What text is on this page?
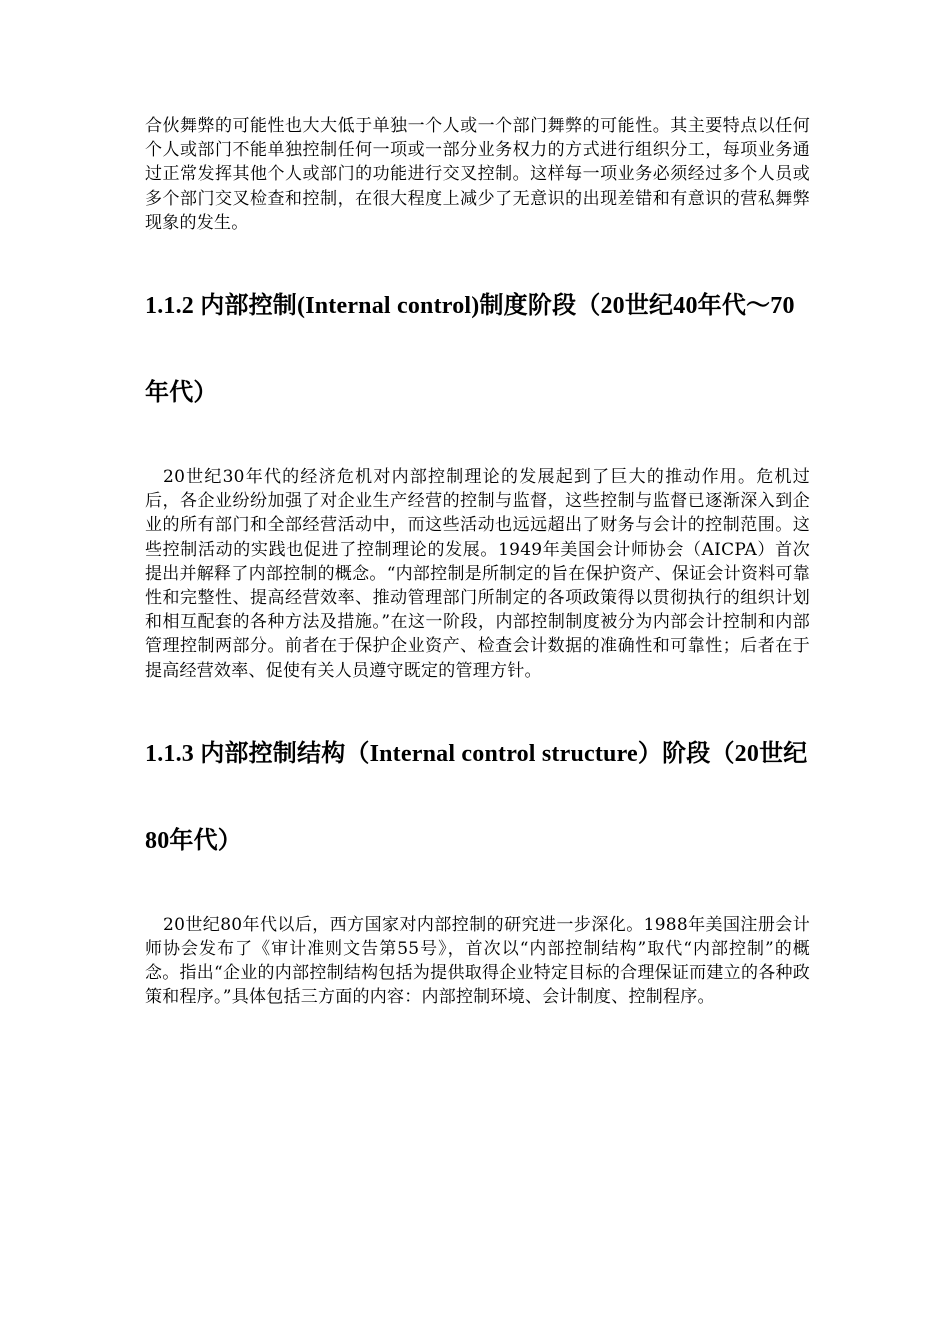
合伙舞弊的可能性也大大低于单独一个人或一个部门舞弊的可能性。其主要特点以任何个人或部门不能单独控制任何一项或一部分业务权力的方式进行组织分工，每项业务通过正常发挥其他个人或部门的功能进行交叉控制。这样每一项业务必须经过多个人员或多个部门交叉检查和控制，在很大程度上减少了无意识的出现差错和有意识的营私舞弊现象的发生。

1.1.2 内部控制(Internal control)制度阶段（20世纪40年代～70年代）

20世纪30年代的经济危机对内部控制理论的发展起到了巨大的推动作用。危机过后，各企业纷纷加强了对企业生产经营的控制与监督，这些控制与监督已逐渐深入到企业的所有部门和全部经营活动中，而这些活动也远远超出了财务与会计的控制范围。这些控制活动的实践也促进了控制理论的发展。1949年美国会计师协会（AICPA）首次提出并解释了内部控制的概念。“内部控制是所制定的旨在保护资产、保证会计资料可靠性和完整性、提高经营效率、推动管理部门所制定的各项政策得以贯彻执行的组织计划和相互配套的各种方法及措施。”在这一阶段，内部控制制度被分为内部会计控制和内部管理控制两部分。前者在于保护企业资产、检查会计数据的准确性和可靠性；后者在于提高经营效率、促使有关人员遵守既定的管理方针。

1.1.3 内部控制结构（Internal control structure）阶段（20世纪80年代）

20世纪80年代以后，西方国家对内部控制的研究进一步深化。1988年美国注册会计师协会发布了《审计准则文告第55号》，首次以“内部控制结构”取代“内部控制”的概念。指出“企业的内部控制结构包括为提供取得企业特定目标的合理保证而建立的各种政策和程序。”具体包括三方面的内容：内部控制环境、会计制度、控制程序。
